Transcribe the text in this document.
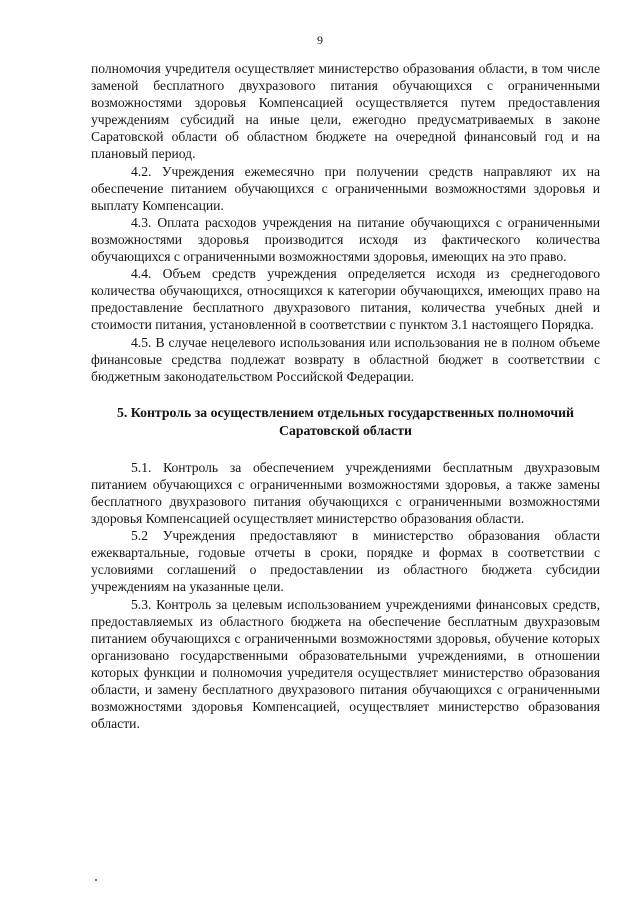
9

полномочия учредителя осуществляет министерство образования области, в том числе заменой бесплатного двухразового питания обучающихся с ограниченными возможностями здоровья Компенсацией осуществляется путем предоставления учреждениям субсидий на иные цели, ежегодно предусматриваемых в законе Саратовской области об областном бюджете на очередной финансовый год и на плановый период.

4.2. Учреждения ежемесячно при получении средств направляют их на обеспечение питанием обучающихся с ограниченными возможностями здоровья и выплату Компенсации.

4.3. Оплата расходов учреждения на питание обучающихся с ограниченными возможностями здоровья производится исходя из фактического количества обучающихся с ограниченными возможностями здоровья, имеющих на это право.

4.4. Объем средств учреждения определяется исходя из среднегодового количества обучающихся, относящихся к категории обучающихся, имеющих право на предоставление бесплатного двухразового питания, количества учебных дней и стоимости питания, установленной в соответствии с пунктом 3.1 настоящего Порядка.

4.5. В случае нецелевого использования или использования не в полном объеме финансовые средства подлежат возврату в областной бюджет в соответствии с бюджетным законодательством Российской Федерации.

5. Контроль за осуществлением отдельных государственных полномочий Саратовской области

5.1. Контроль за обеспечением учреждениями бесплатным двухразовым питанием обучающихся с ограниченными возможностями здоровья, а также замены бесплатного двухразового питания обучающихся с ограниченными возможностями здоровья Компенсацией осуществляет министерство образования области.

5.2 Учреждения предоставляют в министерство образования области ежеквартальные, годовые отчеты в сроки, порядке и формах в соответствии с условиями соглашений о предоставлении из областного бюджета субсидии учреждениям на указанные цели.

5.3. Контроль за целевым использованием учреждениями финансовых средств, предоставляемых из областного бюджета на обеспечение бесплатным двухразовым питанием обучающихся с ограниченными возможностями здоровья, обучение которых организовано государственными образовательными учреждениями, в отношении которых функции и полномочия учредителя осуществляет министерство образования области, и замену бесплатного двухразового питания обучающихся с ограниченными возможностями здоровья Компенсацией, осуществляет министерство образования области.
